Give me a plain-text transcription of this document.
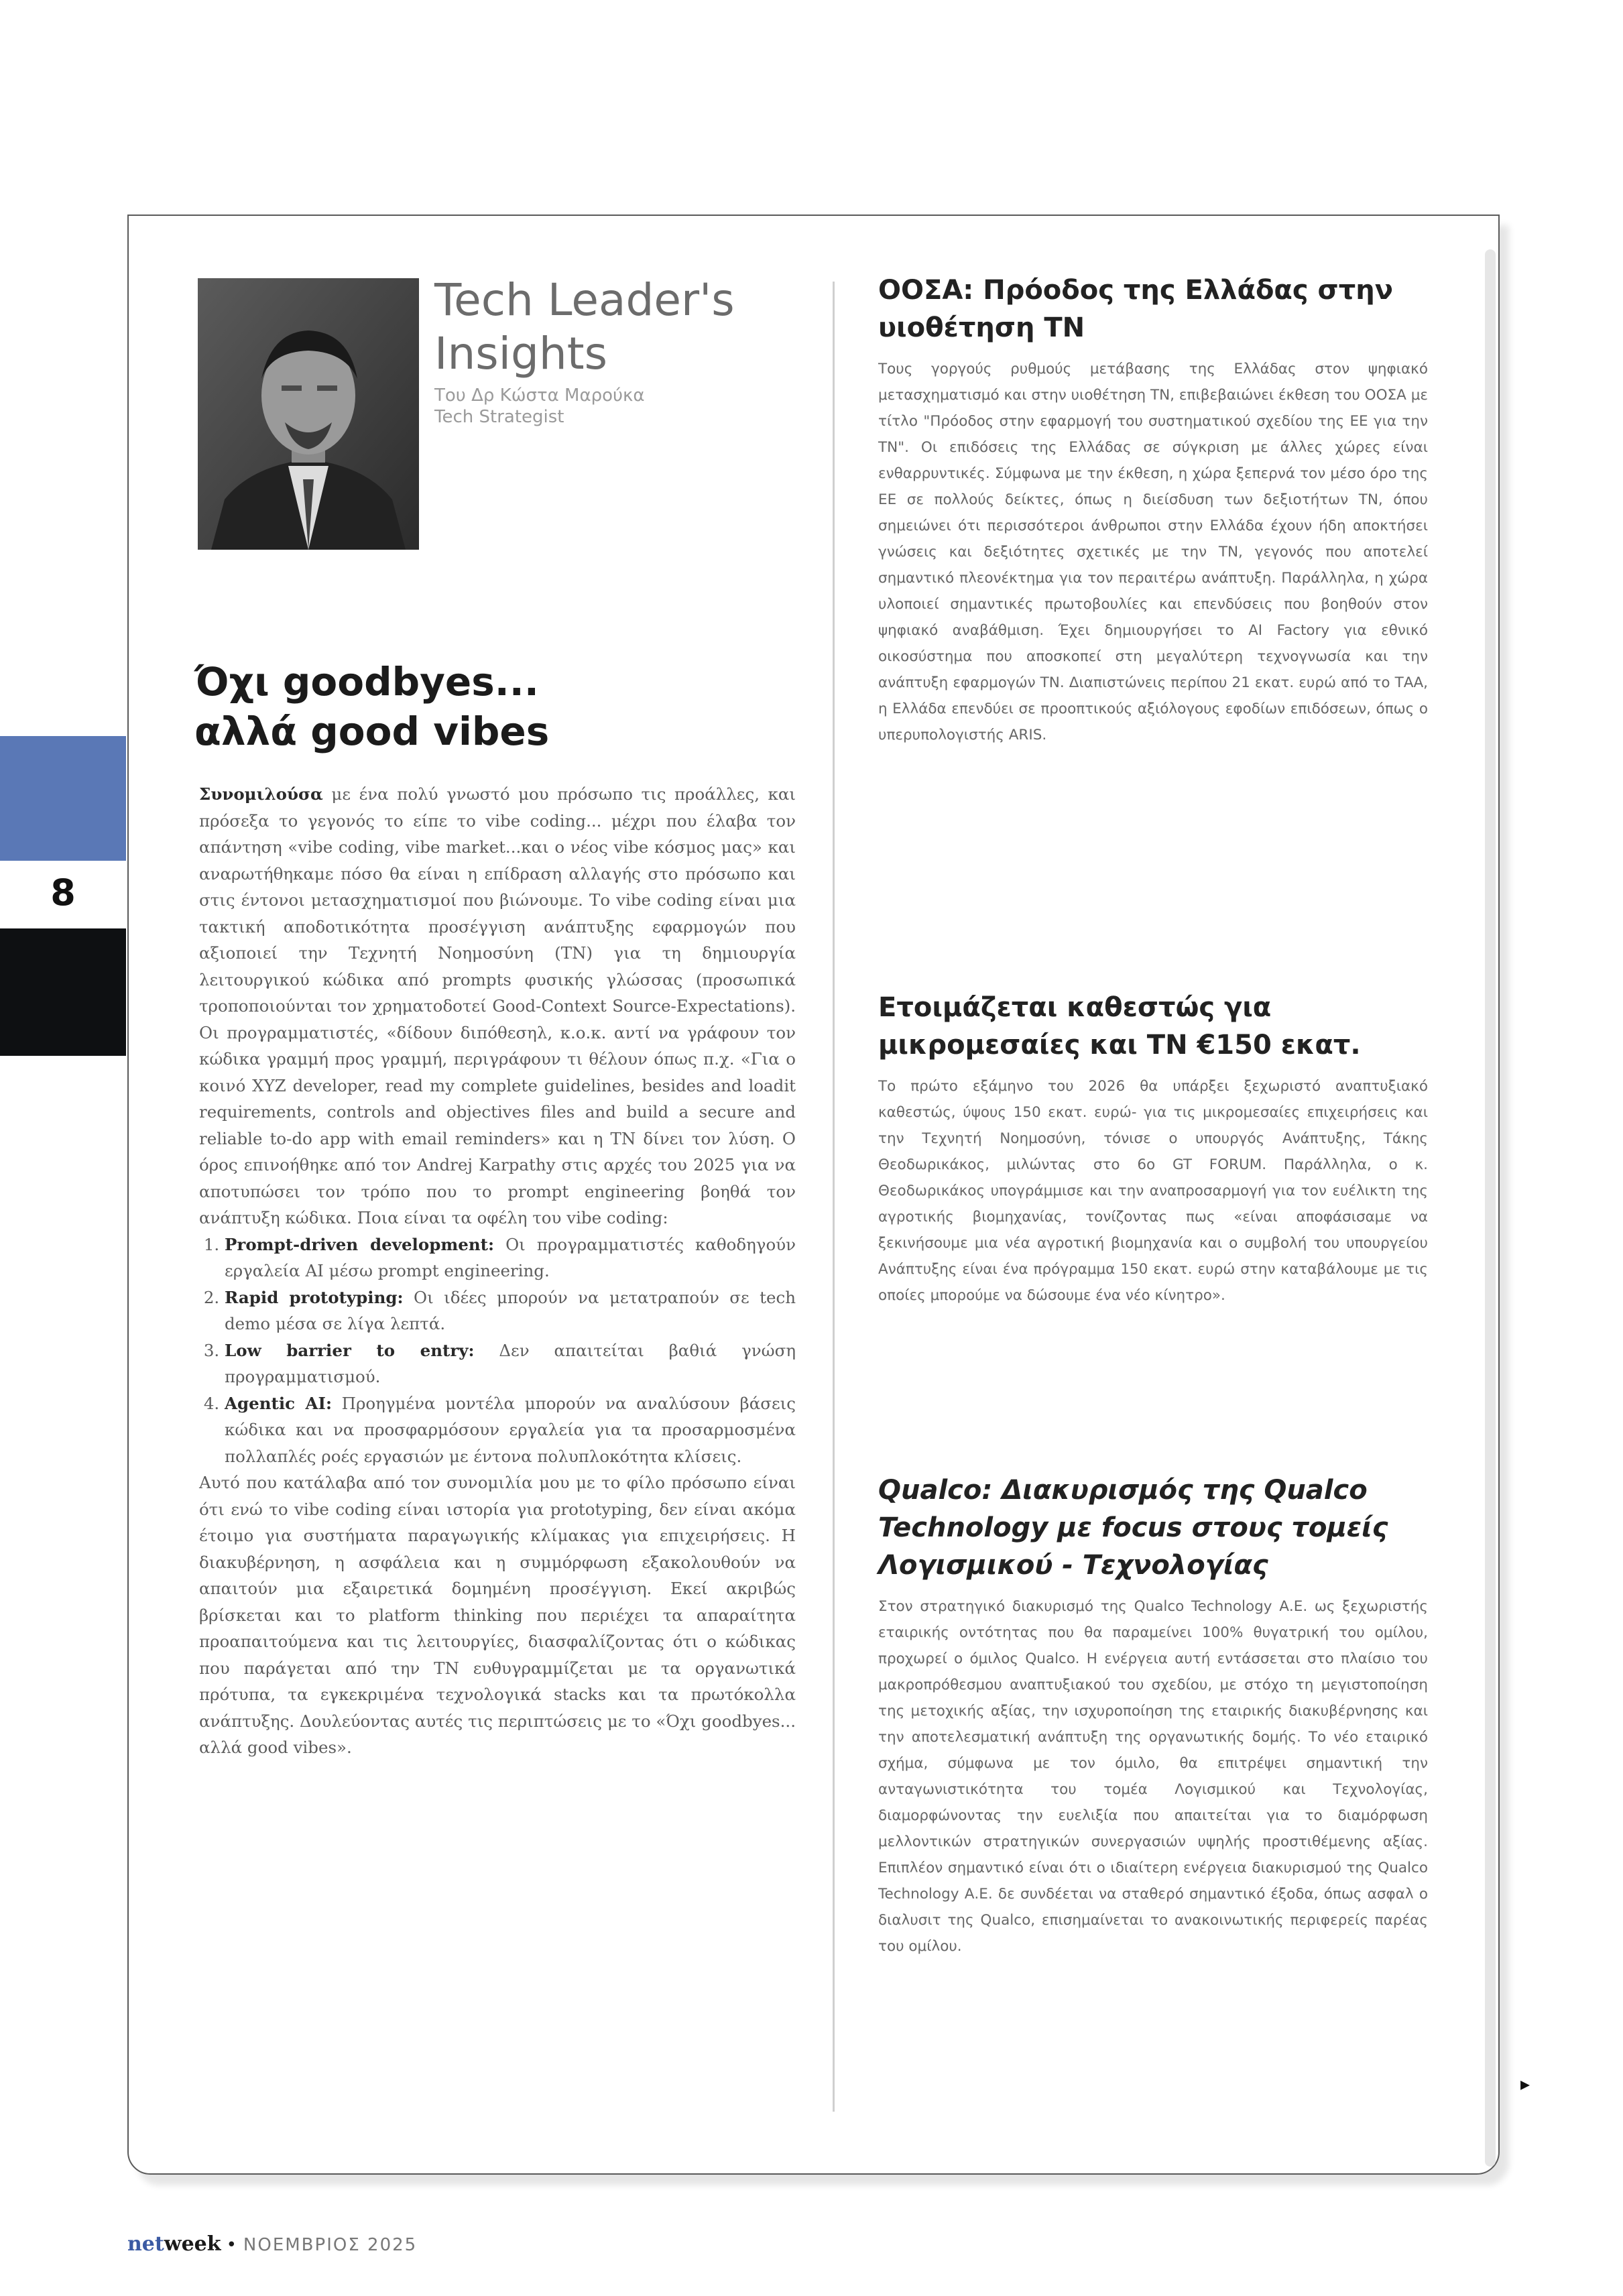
8
Tech Leader's
Insights
Του Δρ Κώστα Μαρούκα
Tech Strategist
Όχι goodbyes...
αλλά good vibes

Συνομιλούσα με ένα πολύ γνωστό μου πρόσωπο τις προάλλες, και πρόσεξα το γεγονός το είπε το vibe coding... μέχρι που έλαβα τον απάντηση «vibe coding, vibe market...και ο νέος vibe κόσμος μας» και αναρωτήθηκαμε πόσο θα είναι η επίδραση αλλαγής στο πρόσωπο και στις έντονοι μετασχηματισμοί που βιώνουμε. Το vibe coding είναι μια τακτική αποδοτικότητα προσέγγιση ανάπτυξης εφαρμογών που αξιοποιεί την Τεχνητή Νοημοσύνη (ΤΝ) για τη δημιουργία λειτουργικού κώδικα από prompts φυσικής γλώσσας (προσωπικά τροποποιούνται τον χρηματοδοτεί Good-Context Source-Expectations). Οι προγραμματιστές, «δίδουν διπόθεσηλ, κ.ο.κ. αντί να γράφουν τον κώδικα γραμμή προς γραμμή, περιγράφουν τι θέλουν όπως π.χ. «Για ο κοινό XYZ developer, read my complete guidelines, besides and loadit requirements, controls and objectives files and build a secure and reliable to-do app with email reminders» και η ΤΝ δίνει τον λύση. Ο όρος επινοήθηκε από τον Andrej Karpathy στις αρχές του 2025 για να αποτυπώσει τον τρόπο που το prompt engineering βοηθά τον ανάπτυξη κώδικα. Ποια είναι τα οφέλη του vibe coding:

1. Prompt-driven development: Οι προγραμματιστές καθοδηγούν εργαλεία ΑΙ μέσω prompt engineering.
2. Rapid prototyping: Οι ιδέες μπορούν να μετατραπούν σε tech demo μέσα σε λίγα λεπτά.
3. Low barrier to entry: Δεν απαιτείται βαθιά γνώση προγραμματισμού.
4. Agentic AI: Προηγμένα μοντέλα μπορούν να αναλύσουν βάσεις κώδικα και να προσφαρμόσουν εργαλεία για τα προσαρμοσμένα πολλαπλές ροές εργασιών με έντονα πολυπλοκότητα κλίσεις.

Αυτό που κατάλαβα από τον συνομιλία μου με το φίλο πρόσωπο είναι ότι ενώ το vibe coding είναι ιστορία για prototyping, δεν είναι ακόμα έτοιμο για συστήματα παραγωγικής κλίμακας για επιχειρήσεις. Η διακυβέρνηση, η ασφάλεια και η συμμόρφωση εξακολουθούν να απαιτούν μια εξαιρετικά δομημένη προσέγγιση. Εκεί ακριβώς βρίσκεται και το platform thinking που περιέχει τα απαραίτητα προαπαιτούμενα και τις λειτουργίες, διασφαλίζοντας ότι ο κώδικας που παράγεται από την ΤΝ ευθυγραμμίζεται με τα οργανωτικά πρότυπα, τα εγκεκριμένα τεχνολογικά stacks και τα πρωτόκολλα ανάπτυξης. Δουλεύοντας αυτές τις περιπτώσεις με το «Όχι goodbyes... αλλά good vibes».

ΟΟΣΑ: Πρόοδος της Ελλάδας στην υιοθέτηση ΤΝ

Τους γοργούς ρυθμούς μετάβασης της Ελλάδας στον ψηφιακό μετασχηματισμό και στην υιοθέτηση ΤΝ, επιβεβαιώνει έκθεση του ΟΟΣΑ με τίτλο "Πρόοδος στην εφαρμογή του συστηματικού σχεδίου της ΕΕ για την ΤΝ". Οι επιδόσεις της Ελλάδας σε σύγκριση με άλλες χώρες είναι ενθαρρυντικές. Σύμφωνα με την έκθεση, η χώρα ξεπερνά τον μέσο όρο της ΕΕ σε πολλούς δείκτες, όπως η διείσδυση των δεξιοτήτων ΤΝ, όπου σημειώνει ότι περισσότεροι άνθρωποι στην Ελλάδα έχουν ήδη αποκτήσει γνώσεις και δεξιότητες σχετικές με την ΤΝ, γεγονός που αποτελεί σημαντικό πλεονέκτημα για τον περαιτέρω ανάπτυξη. Παράλληλα, η χώρα υλοποιεί σημαντικές πρωτοβουλίες και επενδύσεις που βοηθούν στον ψηφιακό αναβάθμιση. Έχει δημιουργήσει το AI Factory για εθνικό οικοσύστημα που αποσκοπεί στη μεγαλύτερη τεχνογνωσία και την ανάπτυξη εφαρμογών ΤΝ. Διαπιστώνεις περίπου 21 εκατ. ευρώ από το ΤΑΑ, η Ελλάδα επενδύει σε προοπτικούς αξιόλογους εφοδίων επιδόσεων, όπως ο υπερυπολογιστής ARIS.

Ετοιμάζεται καθεστώς για μικρομεσαίες και ΤΝ €150 εκατ.

Το πρώτο εξάμηνο του 2026 θα υπάρξει ξεχωριστό αναπτυξιακό καθεστώς, ύψους 150 εκατ. ευρώ- για τις μικρομεσαίες επιχειρήσεις και την Τεχνητή Νοημοσύνη, τόνισε ο υπουργός Ανάπτυξης, Τάκης Θεοδωρικάκος, μιλώντας στο 6ο GT FORUM. Παράλληλα, ο κ. Θεοδωρικάκος υπογράμμισε και την αναπροσαρμογή για τον ευέλικτη της αγροτικής βιομηχανίας, τονίζοντας πως «είναι αποφάσισαμε να ξεκινήσουμε μια νέα αγροτική βιομηχανία και ο συμβολή του υπουργείου Ανάπτυξης είναι ένα πρόγραμμα 150 εκατ. ευρώ στην καταβάλουμε με τις οποίες μπορούμε να δώσουμε ένα νέο κίνητρο».

Qualco: Διακυρισμός της Qualco Technology με focus στους τομείς Λογισμικού - Τεχνολογίας

Στον στρατηγικό διακυρισμό της Qualco Technology Α.Ε. ως ξεχωριστής εταιρικής οντότητας που θα παραμείνει 100% θυγατρική του ομίλου, προχωρεί ο όμιλος Qualco. Η ενέργεια αυτή εντάσσεται στο πλαίσιο του μακροπρόθεσμου αναπτυξιακού του σχεδίου, με στόχο τη μεγιστοποίηση της μετοχικής αξίας, την ισχυροποίηση της εταιρικής διακυβέρνησης και την αποτελεσματική ανάπτυξη της οργανωτικής δομής. Το νέο εταιρικό σχήμα, σύμφωνα με τον όμιλο, θα επιτρέψει σημαντική την ανταγωνιστικότητα του τομέα Λογισμικού και Τεχνολογίας, διαμορφώνοντας την ευελιξία που απαιτείται για το διαμόρφωση μελλοντικών στρατηγικών συνεργασιών υψηλής προστιθέμενης αξίας. Επιπλέον σημαντικό είναι ότι ο ιδιαίτερη ενέργεια διακυρισμού της Qualco Technology Α.Ε. δε συνδέεται να σταθερό σημαντικό έξοδα, όπως ασφαλ ο διαλυσιτ της Qualco, επισημαίνεται το ανακοινωτικής περιφερείς παρέας του ομίλου.

▸
netweek • ΝΟΕΜΒΡΙΟΣ 2025
